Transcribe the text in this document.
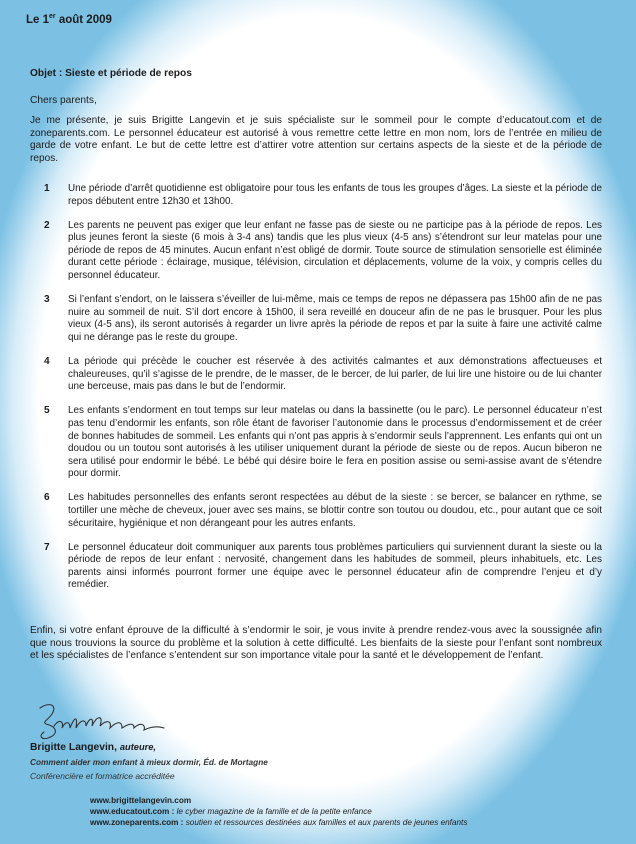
Le 1er août 2009
Objet : Sieste et période de repos
Chers parents,
Je me présente, je suis Brigitte Langevin et je suis spécialiste sur le sommeil pour le compte d’educatout.com et de zoneparents.com. Le personnel éducateur est autorisé à vous remettre cette lettre en mon nom, lors de l’entrée en milieu de garde de votre enfant. Le but de cette lettre est d’attirer votre attention sur certains aspects de la sieste et de la période de repos.
1	Une période d’arrêt quotidienne est obligatoire pour tous les enfants de tous les groupes d’âges. La sieste et la période de repos débutent entre 12h30 et 13h00.
2	Les parents ne peuvent pas exiger que leur enfant ne fasse pas de sieste ou ne participe pas à la période de repos. Les plus jeunes feront la sieste (6 mois à 3-4 ans) tandis que les plus vieux (4-5 ans) s’étendront sur leur matelas pour une période de repos de 45 minutes. Aucun enfant n’est obligé de dormir. Toute source de stimulation sensorielle est éliminée durant cette période : éclairage, musique, télévision, circulation et déplacements, volume de la voix, y compris celles du personnel éducateur.
3	Si l’enfant s’endort, on le laissera s’éveiller de lui-même, mais ce temps de repos ne dépassera pas 15h00 afin de ne pas nuire au sommeil de nuit. S’il dort encore à 15h00, il sera reveillé en douceur afin de ne pas le brusquer. Pour les plus vieux (4-5 ans), ils seront autorisés à regarder un livre après la période de repos et par la suite à faire une activité calme qui ne dérange pas le reste du groupe.
4	La période qui précède le coucher est réservée à des activités calmantes et aux démonstrations affectueuses et chaleureuses, qu’il s’agisse de le prendre, de le masser, de le bercer, de lui parler, de lui lire une histoire ou de lui chanter une berceuse, mais pas dans le but de l’endormir.
5	Les enfants s’endorment en tout temps sur leur matelas ou dans la bassinette (ou le parc). Le personnel éducateur n’est pas tenu d’endormir les enfants, son rôle étant de favoriser l’autonomie dans le processus d’endormissement et de créer de bonnes habitudes de sommeil. Les enfants qui n’ont pas appris à s’endormir seuls l’apprennent. Les enfants qui ont un doudou ou un toutou sont autorisés à les utiliser uniquement durant la période de sieste ou de repos. Aucun biberon ne sera utilisé pour endormir le bébé. Le bébé qui désire boire le fera en position assise ou semi-assise avant de s’étendre pour dormir.
6	Les habitudes personnelles des enfants seront respectées au début de la sieste : se bercer, se balancer en rythme, se tortiller une mèche de cheveux, jouer avec ses mains, se blottir contre son toutou ou doudou, etc., pour autant que ce soit sécuritaire, hygiénique et non dérangeant pour les autres enfants.
7	Le personnel éducateur doit communiquer aux parents tous problèmes particuliers qui surviennent durant la sieste ou la période de repos de leur enfant : nervosité, changement dans les habitudes de sommeil, pleurs inhabituels, etc. Les parents ainsi informés pourront former une équipe avec le personnel éducateur afin de comprendre l’enjeu et d’y remédier.
Enfin, si votre enfant éprouve de la difficulté à s’endormir le soir, je vous invite à prendre rendez-vous avec la soussignée afin que nous trouvions la source du problème et la solution à cette difficulté. Les bienfaits de la sieste pour l’enfant sont nombreux et les spécialistes de l’enfance s’entendent sur son importance vitale pour la santé et le développement de l’enfant.
Brigitte Langevin, auteure,
Comment aider mon enfant à mieux dormir, Éd. de Mortagne
Conférencière et formatrice accréditée
www.brigittelangevin.com
www.educatout.com : le cyber magazine de la famille et de la petite enfance
www.zoneparents.com : soutien et ressources destinées aux familles et aux parents de jeunes enfants
